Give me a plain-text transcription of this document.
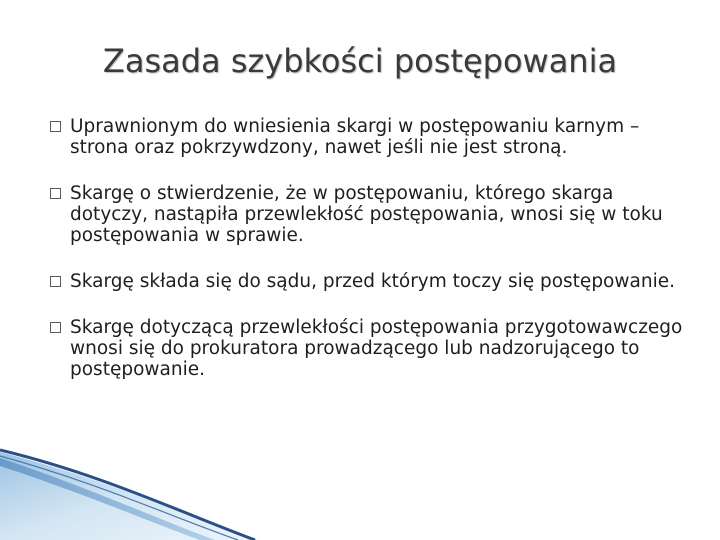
Zasada szybkości postępowania
Uprawnionym do wniesienia skargi w postępowaniu karnym – strona oraz pokrzywdzony, nawet jeśli nie jest stroną.
Skargę o stwierdzenie, że w postępowaniu, którego skarga dotyczy, nastąpiła przewlekłość postępowania, wnosi się w toku postępowania w sprawie.
Skargę składa się do sądu, przed którym toczy się postępowanie.
Skargę dotyczącą przewlekłości postępowania przygotowawczego wnosi się do prokuratora prowadzącego lub nadzorującego to postępowanie.
